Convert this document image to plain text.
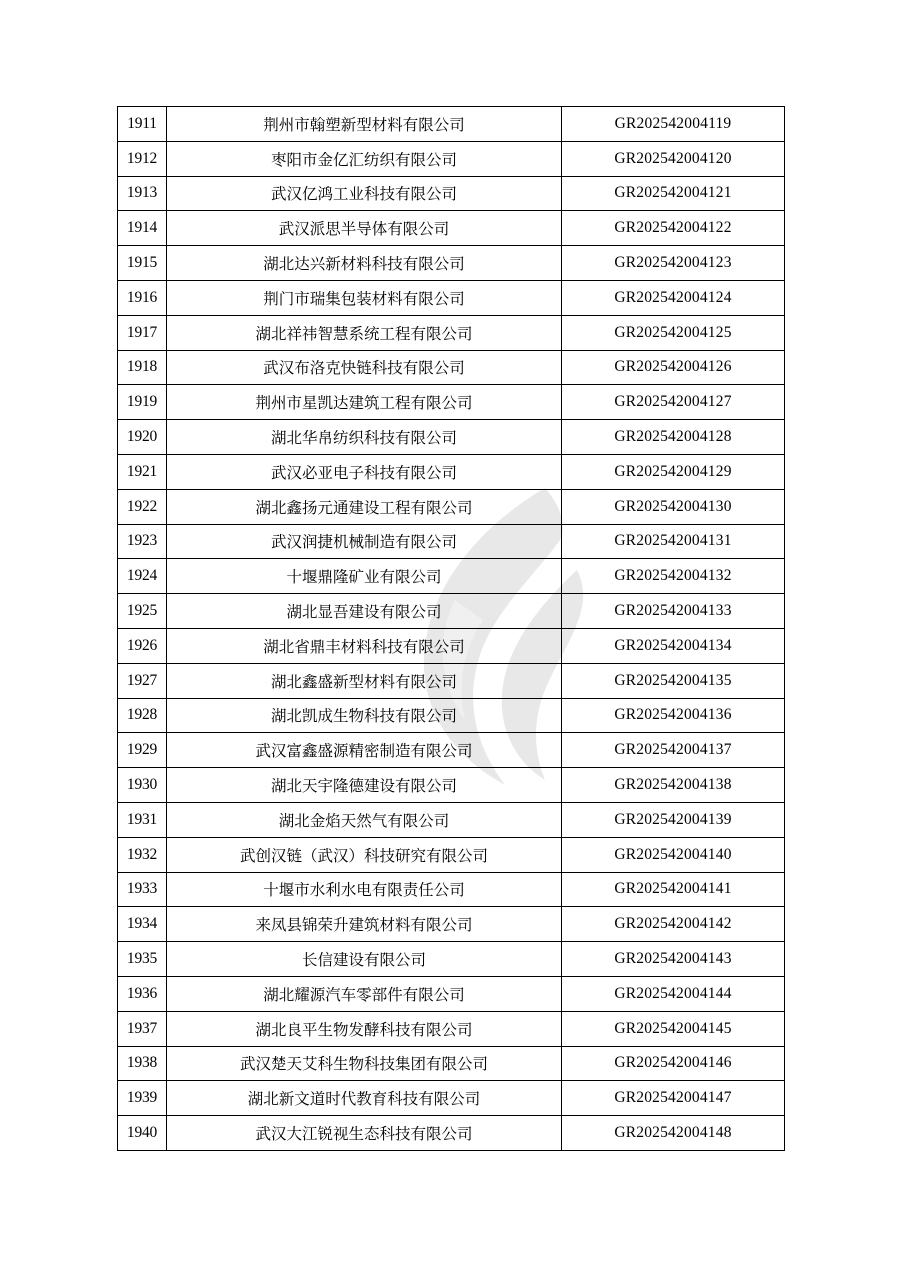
1911	荆州市翰塑新型材料有限公司	GR202542004119
1912	枣阳市金亿汇纺织有限公司	GR202542004120
1913	武汉亿鸿工业科技有限公司	GR202542004121
1914	武汉派思半导体有限公司	GR202542004122
1915	湖北达兴新材料科技有限公司	GR202542004123
1916	荆门市瑞集包装材料有限公司	GR202542004124
1917	湖北祥祎智慧系统工程有限公司	GR202542004125
1918	武汉布洛克快链科技有限公司	GR202542004126
1919	荆州市星凯达建筑工程有限公司	GR202542004127
1920	湖北华帛纺织科技有限公司	GR202542004128
1921	武汉必亚电子科技有限公司	GR202542004129
1922	湖北鑫扬元通建设工程有限公司	GR202542004130
1923	武汉润捷机械制造有限公司	GR202542004131
1924	十堰鼎隆矿业有限公司	GR202542004132
1925	湖北显吾建设有限公司	GR202542004133
1926	湖北省鼎丰材料科技有限公司	GR202542004134
1927	湖北鑫盛新型材料有限公司	GR202542004135
1928	湖北凯成生物科技有限公司	GR202542004136
1929	武汉富鑫盛源精密制造有限公司	GR202542004137
1930	湖北天宇隆德建设有限公司	GR202542004138
1931	湖北金焰天然气有限公司	GR202542004139
1932	武创汉链（武汉）科技研究有限公司	GR202542004140
1933	十堰市水利水电有限责任公司	GR202542004141
1934	来凤县锦荣升建筑材料有限公司	GR202542004142
1935	长信建设有限公司	GR202542004143
1936	湖北耀源汽车零部件有限公司	GR202542004144
1937	湖北良平生物发酵科技有限公司	GR202542004145
1938	武汉楚天艾科生物科技集团有限公司	GR202542004146
1939	湖北新文道时代教育科技有限公司	GR202542004147
1940	武汉大江锐视生态科技有限公司	GR202542004148
